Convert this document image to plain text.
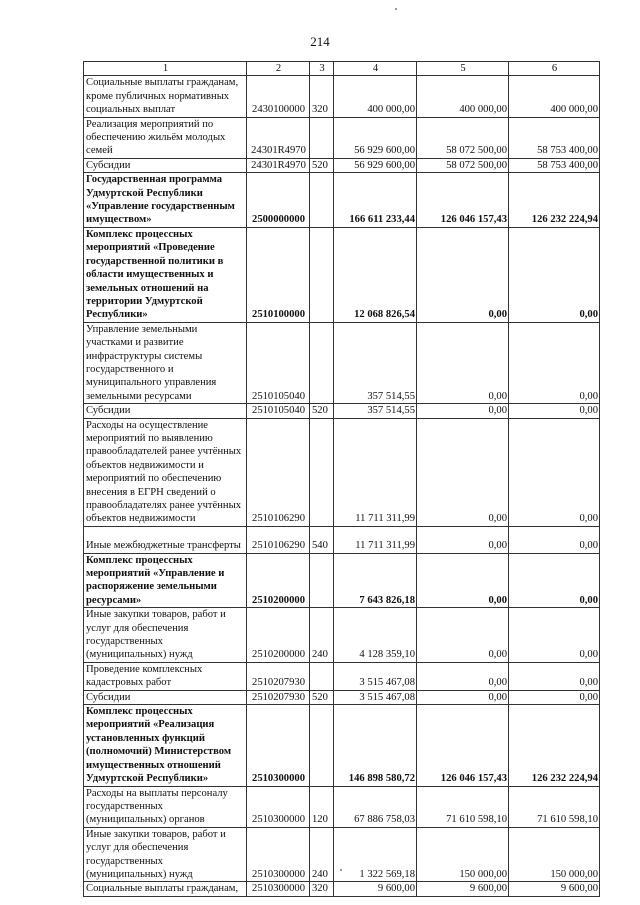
214
1	2	3	4	5	6
Социальные выплаты гражданам, кроме публичных нормативных социальных выплат	2430100000	320	400 000,00	400 000,00	400 000,00
Реализация мероприятий по обеспечению жильём молодых семей	24301R4970		56 929 600,00	58 072 500,00	58 753 400,00
Субсидии	24301R4970	520	56 929 600,00	58 072 500,00	58 753 400,00
Государственная программа Удмуртской Республики «Управление государственным имуществом»	2500000000		166 611 233,44	126 046 157,43	126 232 224,94
Комплекс процессных мероприятий «Проведение государственной политики в области имущественных и земельных отношений на территории Удмуртской Республики»	2510100000		12 068 826,54	0,00	0,00
Управление земельными участками и развитие инфраструктуры системы государственного и муниципального управления земельными ресурсами	2510105040		357 514,55	0,00	0,00
Субсидии	2510105040	520	357 514,55	0,00	0,00
Расходы на осуществление мероприятий по выявлению правообладателей ранее учтённых объектов недвижимости и мероприятий по обеспечению внесения в ЕГРН сведений о правообладателях ранее учтённых объектов недвижимости	2510106290		11 711 311,99	0,00	0,00
Иные межбюджетные трансферты	2510106290	540	11 711 311,99	0,00	0,00
Комплекс процессных мероприятий «Управление и распоряжение земельными ресурсами»	2510200000		7 643 826,18	0,00	0,00
Иные закупки товаров, работ и услуг для обеспечения государственных (муниципальных) нужд	2510200000	240	4 128 359,10	0,00	0,00
Проведение комплексных кадастровых работ	2510207930		3 515 467,08	0,00	0,00
Субсидии	2510207930	520	3 515 467,08	0,00	0,00
Комплекс процессных мероприятий «Реализация установленных функций (полномочий) Министерством имущественных отношений Удмуртской Республики»	2510300000		146 898 580,72	126 046 157,43	126 232 224,94
Расходы на выплаты персоналу государственных (муниципальных) органов	2510300000	120	67 886 758,03	71 610 598,10	71 610 598,10
Иные закупки товаров, работ и услуг для обеспечения государственных (муниципальных) нужд	2510300000	240	1 322 569,18	150 000,00	150 000,00
Социальные выплаты гражданам,	2510300000	320	9 600,00	9 600,00	9 600,00
